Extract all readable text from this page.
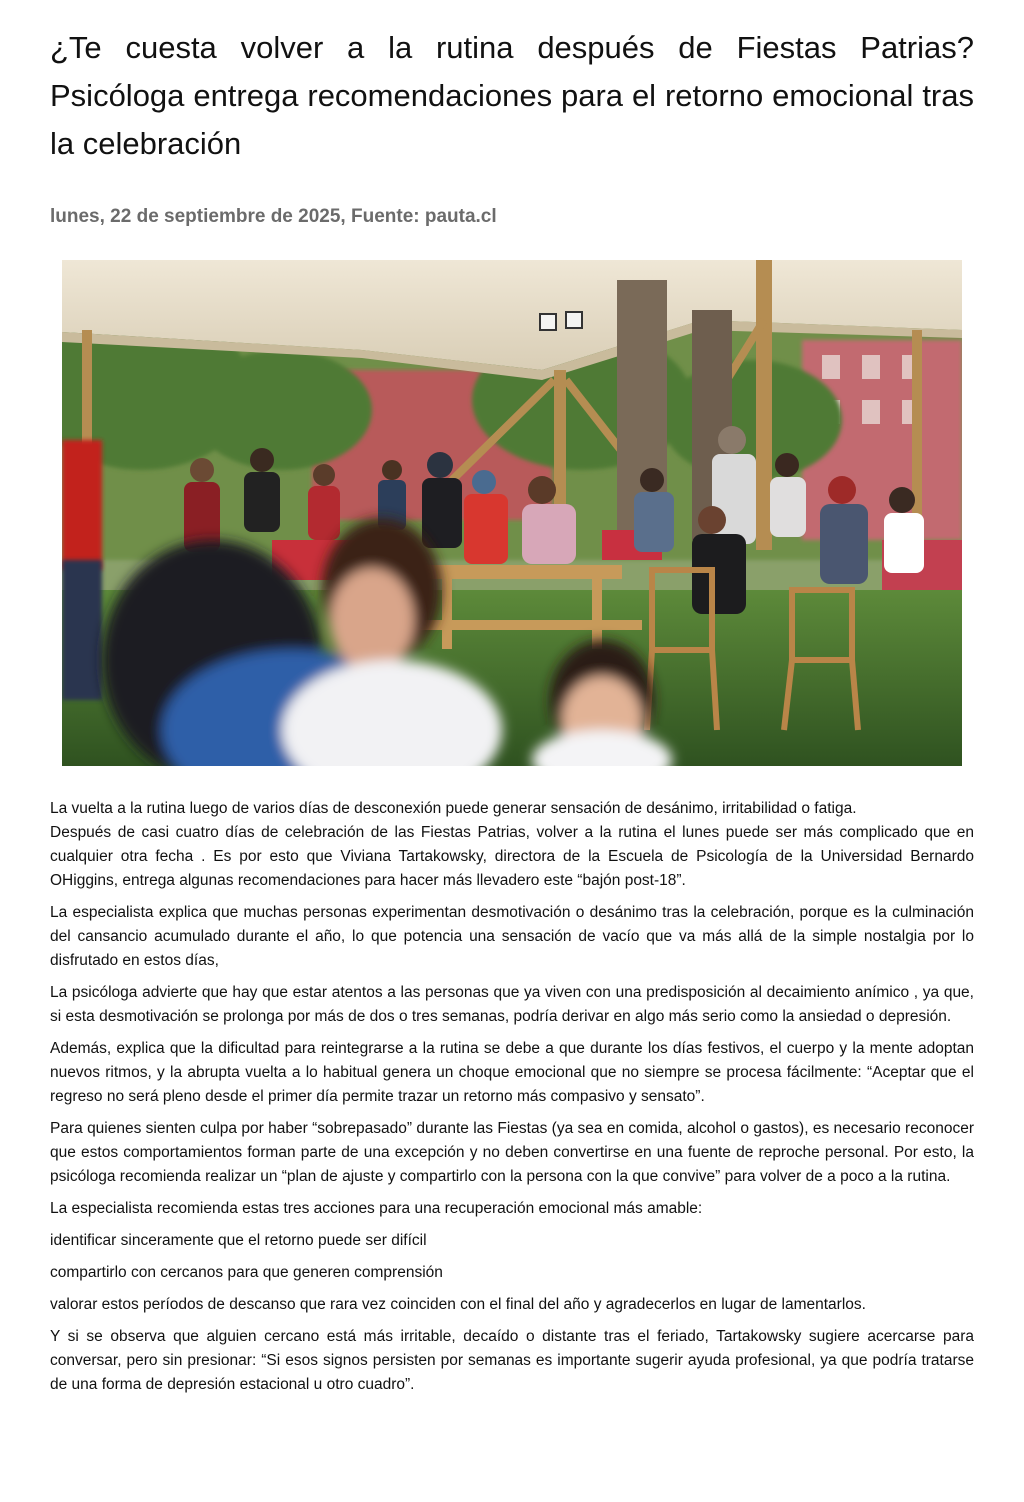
¿Te cuesta volver a la rutina después de Fiestas Patrias? Psicóloga entrega recomendaciones para el retorno emocional tras la celebración
lunes, 22 de septiembre de 2025, Fuente: pauta.cl

La vuelta a la rutina luego de varios días de desconexión puede generar sensación de desánimo, irritabilidad o fatiga.

Después de casi cuatro días de celebración de las Fiestas Patrias, volver a la rutina el lunes puede ser más complicado que en cualquier otra fecha . Es por esto que Viviana Tartakowsky, directora de la Escuela de Psicología de la Universidad Bernardo OHiggins, entrega algunas recomendaciones para hacer más llevadero este “bajón post-18”.

La especialista explica que muchas personas experimentan desmotivación o desánimo tras la celebración, porque es la culminación del cansancio acumulado durante el año, lo que potencia una sensación de vacío que va más allá de la simple nostalgia por lo disfrutado en estos días,

La psicóloga advierte que hay que estar atentos a las personas que ya viven con una predisposición al decaimiento anímico , ya que, si esta desmotivación se prolonga por más de dos o tres semanas, podría derivar en algo más serio como la ansiedad o depresión.

Además, explica que la dificultad para reintegrarse a la rutina se debe a que durante los días festivos, el cuerpo y la mente adoptan nuevos ritmos, y la abrupta vuelta a lo habitual genera un choque emocional que no siempre se procesa fácilmente: “Aceptar que el regreso no será pleno desde el primer día permite trazar un retorno más compasivo y sensato”.

Para quienes sienten culpa por haber “sobrepasado” durante las Fiestas (ya sea en comida, alcohol o gastos), es necesario reconocer que estos comportamientos forman parte de una excepción y no deben convertirse en una fuente de reproche personal. Por esto, la psicóloga recomienda realizar un “plan de ajuste y compartirlo con la persona con la que convive” para volver de a poco a la rutina.

La especialista recomienda estas tres acciones para una recuperación emocional más amable:

identificar sinceramente que el retorno puede ser difícil

compartirlo con cercanos para que generen comprensión

valorar estos períodos de descanso que rara vez coinciden con el final del año y agradecerlos en lugar de lamentarlos.

Y si se observa que alguien cercano está más irritable, decaído o distante tras el feriado, Tartakowsky sugiere acercarse para conversar, pero sin presionar: “Si esos signos persisten por semanas es importante sugerir ayuda profesional, ya que podría tratarse de una forma de depresión estacional u otro cuadro”.
